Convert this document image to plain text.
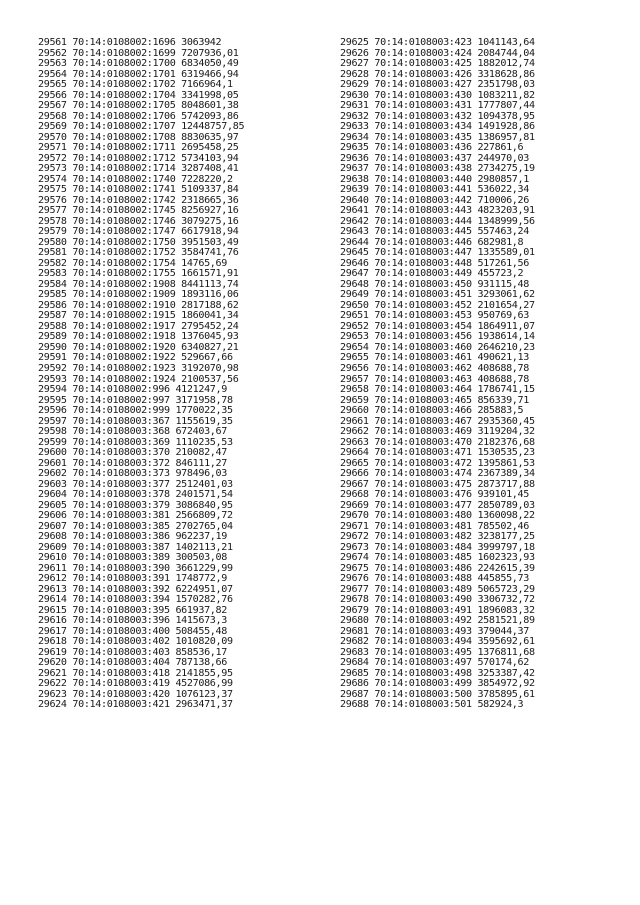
29561 70:14:0108002:1696 3063942
29562 70:14:0108002:1699 7207936,01
29563 70:14:0108002:1700 6834050,49
29564 70:14:0108002:1701 6319466,94
29565 70:14:0108002:1702 7166964,1
29566 70:14:0108002:1704 3341998,05
29567 70:14:0108002:1705 8048601,38
29568 70:14:0108002:1706 5742093,86
29569 70:14:0108002:1707 12448757,85
29570 70:14:0108002:1708 8830635,97
29571 70:14:0108002:1711 2695458,25
29572 70:14:0108002:1712 5734103,94
29573 70:14:0108002:1714 3287408,41
29574 70:14:0108002:1740 7228220,2
29575 70:14:0108002:1741 5109337,84
29576 70:14:0108002:1742 2318665,36
29577 70:14:0108002:1745 8256927,16
29578 70:14:0108002:1746 3079275,16
29579 70:14:0108002:1747 6617918,94
29580 70:14:0108002:1750 3951503,49
29581 70:14:0108002:1752 3584741,76
29582 70:14:0108002:1754 14765,69
29583 70:14:0108002:1755 1661571,91
29584 70:14:0108002:1908 8441113,74
29585 70:14:0108002:1909 1893116,06
29586 70:14:0108002:1910 2817188,62
29587 70:14:0108002:1915 1860041,34
29588 70:14:0108002:1917 2795452,24
29589 70:14:0108002:1918 1376045,93
29590 70:14:0108002:1920 6340827,21
29591 70:14:0108002:1922 529667,66
29592 70:14:0108002:1923 3192070,98
29593 70:14:0108002:1924 2100537,56
29594 70:14:0108002:996 4121247,9
29595 70:14:0108002:997 3171958,78
29596 70:14:0108002:999 1770022,35
29597 70:14:0108003:367 1155619,35
29598 70:14:0108003:368 672403,67
29599 70:14:0108003:369 1110235,53
29600 70:14:0108003:370 210082,47
29601 70:14:0108003:372 846111,27
29602 70:14:0108003:373 978496,03
29603 70:14:0108003:377 2512401,03
29604 70:14:0108003:378 2401571,54
29605 70:14:0108003:379 3086840,95
29606 70:14:0108003:381 2566809,72
29607 70:14:0108003:385 2702765,04
29608 70:14:0108003:386 962237,19
29609 70:14:0108003:387 1402113,21
29610 70:14:0108003:389 300503,08
29611 70:14:0108003:390 3661229,99
29612 70:14:0108003:391 1748772,9
29613 70:14:0108003:392 6224951,07
29614 70:14:0108003:394 1570282,76
29615 70:14:0108003:395 661937,82
29616 70:14:0108003:396 1415673,3
29617 70:14:0108003:400 508455,48
29618 70:14:0108003:402 1010820,09
29619 70:14:0108003:403 858536,17
29620 70:14:0108003:404 787138,66
29621 70:14:0108003:418 2141855,95
29622 70:14:0108003:419 4527086,99
29623 70:14:0108003:420 1076123,37
29624 70:14:0108003:421 2963471,37
29625 70:14:0108003:423 1041143,64
29626 70:14:0108003:424 2084744,04
29627 70:14:0108003:425 1882012,74
29628 70:14:0108003:426 3318628,86
29629 70:14:0108003:427 2351798,03
29630 70:14:0108003:430 1083211,82
29631 70:14:0108003:431 1777807,44
29632 70:14:0108003:432 1094378,95
29633 70:14:0108003:434 1491928,86
29634 70:14:0108003:435 1386957,81
29635 70:14:0108003:436 227861,6
29636 70:14:0108003:437 244970,03
29637 70:14:0108003:438 2734275,19
29638 70:14:0108003:440 2980857,1
29639 70:14:0108003:441 536022,34
29640 70:14:0108003:442 710006,26
29641 70:14:0108003:443 4823203,91
29642 70:14:0108003:444 1348999,56
29643 70:14:0108003:445 557463,24
29644 70:14:0108003:446 682981,8
29645 70:14:0108003:447 1335589,01
29646 70:14:0108003:448 517261,56
29647 70:14:0108003:449 455723,2
29648 70:14:0108003:450 931115,48
29649 70:14:0108003:451 3293061,62
29650 70:14:0108003:452 2101654,27
29651 70:14:0108003:453 950769,63
29652 70:14:0108003:454 1864911,07
29653 70:14:0108003:456 1938614,14
29654 70:14:0108003:460 2646210,23
29655 70:14:0108003:461 490621,13
29656 70:14:0108003:462 408688,78
29657 70:14:0108003:463 408688,78
29658 70:14:0108003:464 1786741,15
29659 70:14:0108003:465 856339,71
29660 70:14:0108003:466 285883,5
29661 70:14:0108003:467 2935360,45
29662 70:14:0108003:469 3119204,32
29663 70:14:0108003:470 2182376,68
29664 70:14:0108003:471 1530535,23
29665 70:14:0108003:472 1395861,53
29666 70:14:0108003:474 2367389,34
29667 70:14:0108003:475 2873717,88
29668 70:14:0108003:476 939101,45
29669 70:14:0108003:477 2850789,03
29670 70:14:0108003:480 1360098,22
29671 70:14:0108003:481 785502,46
29672 70:14:0108003:482 3238177,25
29673 70:14:0108003:484 3999797,18
29674 70:14:0108003:485 1602323,93
29675 70:14:0108003:486 2242615,39
29676 70:14:0108003:488 445855,73
29677 70:14:0108003:489 5065723,29
29678 70:14:0108003:490 3306732,72
29679 70:14:0108003:491 1896083,32
29680 70:14:0108003:492 2581521,89
29681 70:14:0108003:493 379044,37
29682 70:14:0108003:494 3595692,61
29683 70:14:0108003:495 1376811,68
29684 70:14:0108003:497 570174,62
29685 70:14:0108003:498 3253387,42
29686 70:14:0108003:499 3854972,92
29687 70:14:0108003:500 3785895,61
29688 70:14:0108003:501 582924,3
